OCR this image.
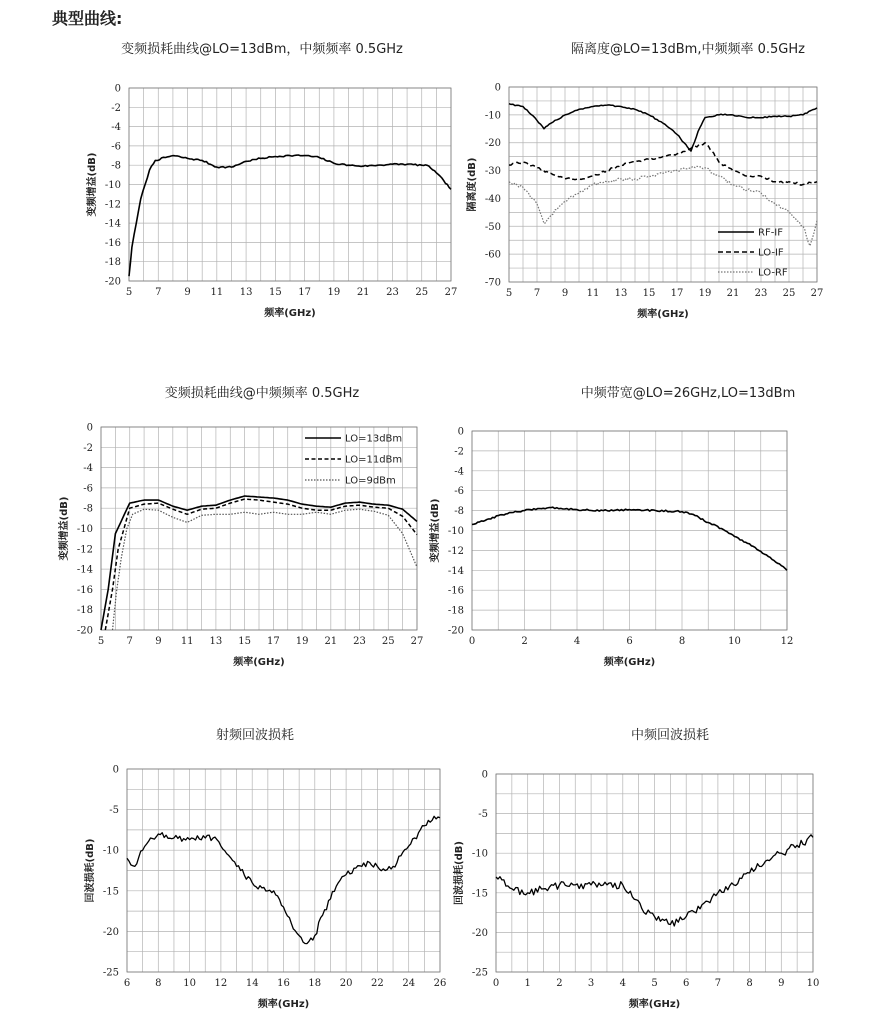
典型曲线:
变频损耗曲线@LO=13dBm，中频频率 0.5GHz	隔离度@LO=13dBm,中频频率 0.5GHz
变频损耗曲线@中频频率 0.5GHz	中频带宽@LO=26GHz,LO=13dBm
射频回波损耗	中频回波损耗
5 7 9 11 13 15 17 19 21 23 25 27
0
-2
-4
-6
-8
-10
-12
-14
-16
-18
-20
频率(GHz)
变频增益(dB)
5 7 9 11 13 15 17 19 21 23 25 27
0
-10
-20
-30
-40
-50
-60
-70
频率(GHz)
隔离度(dB)
RF-IF
LO-IF
LO-RF
5 7 9 11 13 15 17 19 21 23 25 27
0
-2
-4
-6
-8
-10
-12
-14
-16
-18
-20
频率(GHz)
变频增益(dB)
LO=13dBm
LO=11dBm
LO=9dBm
0	2	4	6	8	10	12
0
-2
-4
-6
-8
-10
-12
-14
-16
-18
-20
频率(GHz)
变频增益(dB)
6 8 10 12 14 16 18 20 22 24 26
0
-5
-10
-15
-20
-25
频率(GHz)
回波损耗(dB)
0	1	2	3	4	5	6	7	8	9 10
0
-5
-10
-15
-20
-25
频率(GHz)
回波损耗(dB)
